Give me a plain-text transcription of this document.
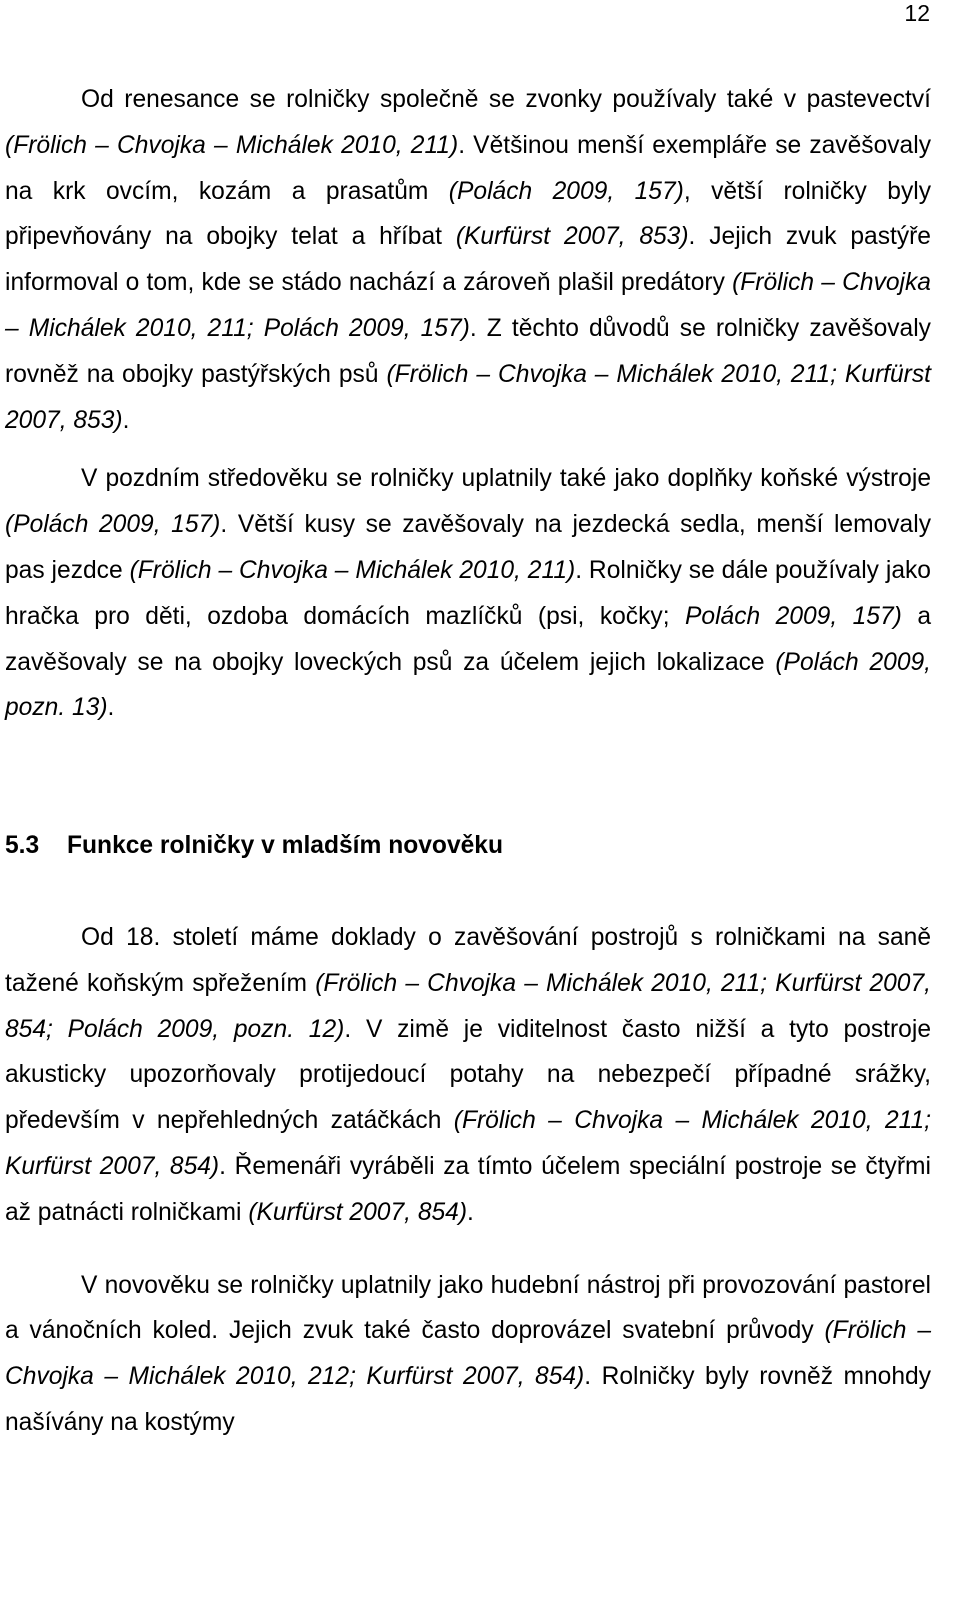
12

Od renesance se rolničky společně se zvonky používaly také v pastevectví (Frölich – Chvojka – Michálek 2010, 211). Většinou menší exempláře se zavěšovaly na krk ovcím, kozám a prasatům (Polách 2009, 157), větší rolničky byly připevňovány na obojky telat a hříbat (Kurfürst 2007, 853). Jejich zvuk pastýře informoval o tom, kde se stádo nachází a zároveň plašil predátory (Frölich – Chvojka – Michálek 2010, 211; Polách 2009, 157). Z těchto důvodů se rolničky zavěšovaly rovněž na obojky pastýřských psů (Frölich – Chvojka – Michálek 2010, 211; Kurfürst 2007, 853).

V pozdním středověku se rolničky uplatnily také jako doplňky koňské výstroje (Polách 2009, 157). Větší kusy se zavěšovaly na jezdecká sedla, menší lemovaly pas jezdce (Frölich – Chvojka – Michálek 2010, 211). Rolničky se dále používaly jako hračka pro děti, ozdoba domácích mazlíčků (psi, kočky; Polách 2009, 157) a zavěšovaly se na obojky loveckých psů za účelem jejich lokalizace (Polách 2009, pozn. 13).

5.3 Funkce rolničky v mladším novověku

Od 18. století máme doklady o zavěšování postrojů s rolničkami na saně tažené koňským spřežením (Frölich – Chvojka – Michálek 2010, 211; Kurfürst 2007, 854; Polách 2009, pozn. 12). V zimě je viditelnost často nižší a tyto postroje akusticky upozorňovaly protijedoucí potahy na nebezpečí případné srážky, především v nepřehledných zatáčkách (Frölich – Chvojka – Michálek 2010, 211; Kurfürst 2007, 854). Řemenáři vyráběli za tímto účelem speciální postroje se čtyřmi až patnácti rolničkami (Kurfürst 2007, 854).

V novověku se rolničky uplatnily jako hudební nástroj při provozování pastorel a vánočních koled. Jejich zvuk také často doprovázel svatební průvody (Frölich – Chvojka – Michálek 2010, 212; Kurfürst 2007, 854). Rolničky byly rovněž mnohdy našívány na kostýmy
